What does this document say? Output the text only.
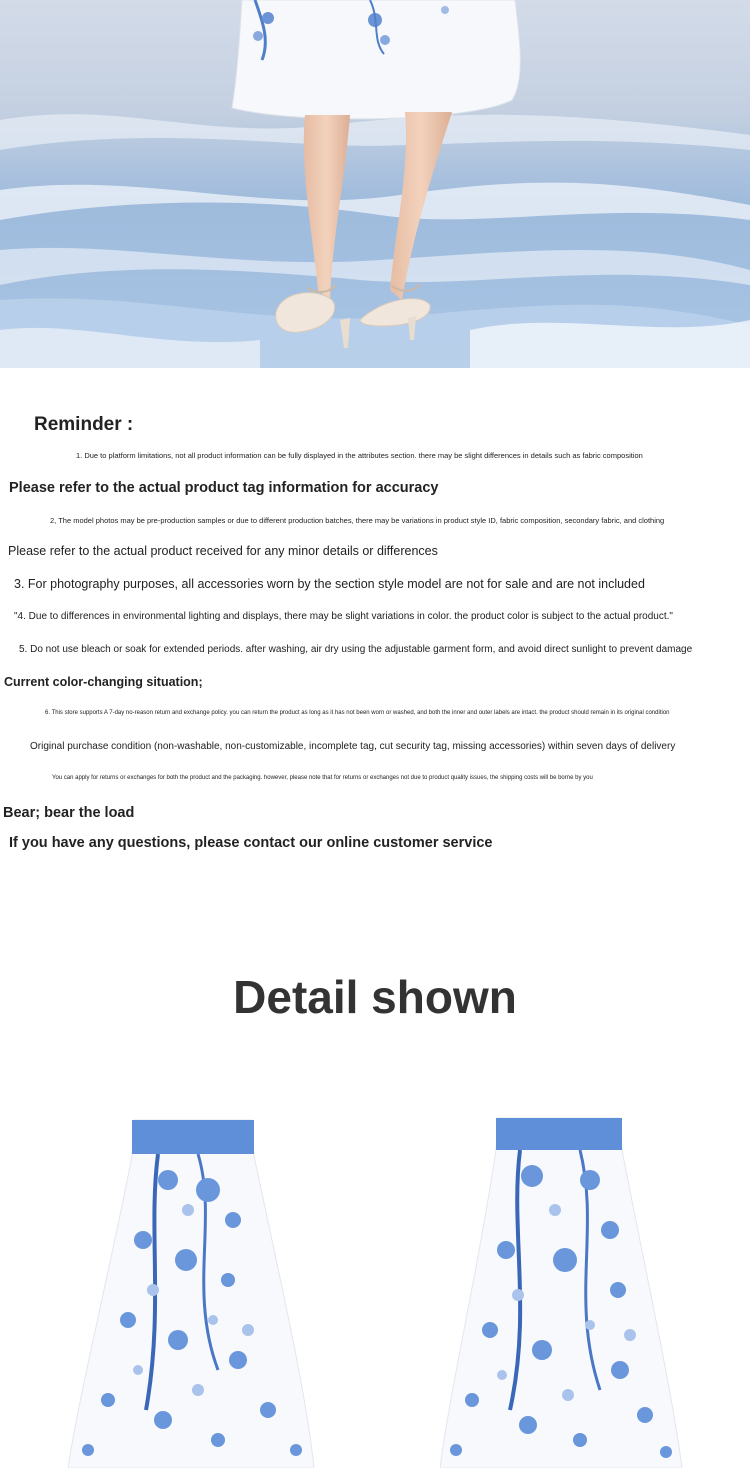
Reminder :
1. Due to platform limitations, not all product information can be fully displayed in the attributes section. there may be slight differences in details such as fabric composition
Please refer to the actual product tag information for accuracy
2, The model photos may be pre-production samples or due to different production batches, there may be variations in product style ID, fabric composition, secondary fabric, and clothing
Please refer to the actual product received for any minor details or differences
3. For photography purposes, all accessories worn by the section style model are not for sale and are not included
"4. Due to differences in environmental lighting and displays, there may be slight variations in color. the product color is subject to the actual product."
5. Do not use bleach or soak for extended periods. after washing, air dry using the adjustable garment form, and avoid direct sunlight to prevent damage
Current color-changing situation;
6. This store supports A 7-day no-reason return and exchange policy. you can return the product as long as it has not been worn or washed, and both the inner and outer labels are intact. the product should remain in its original condition
Original purchase condition (non-washable, non-customizable, incomplete tag, cut security tag, missing accessories) within seven days of delivery
You can apply for returns or exchanges for both the product and the packaging. however, please note that for returns or exchanges not due to product quality issues, the shipping costs will be borne by you
Bear; bear the load
If you have any questions, please contact our online customer service
Detail shown
